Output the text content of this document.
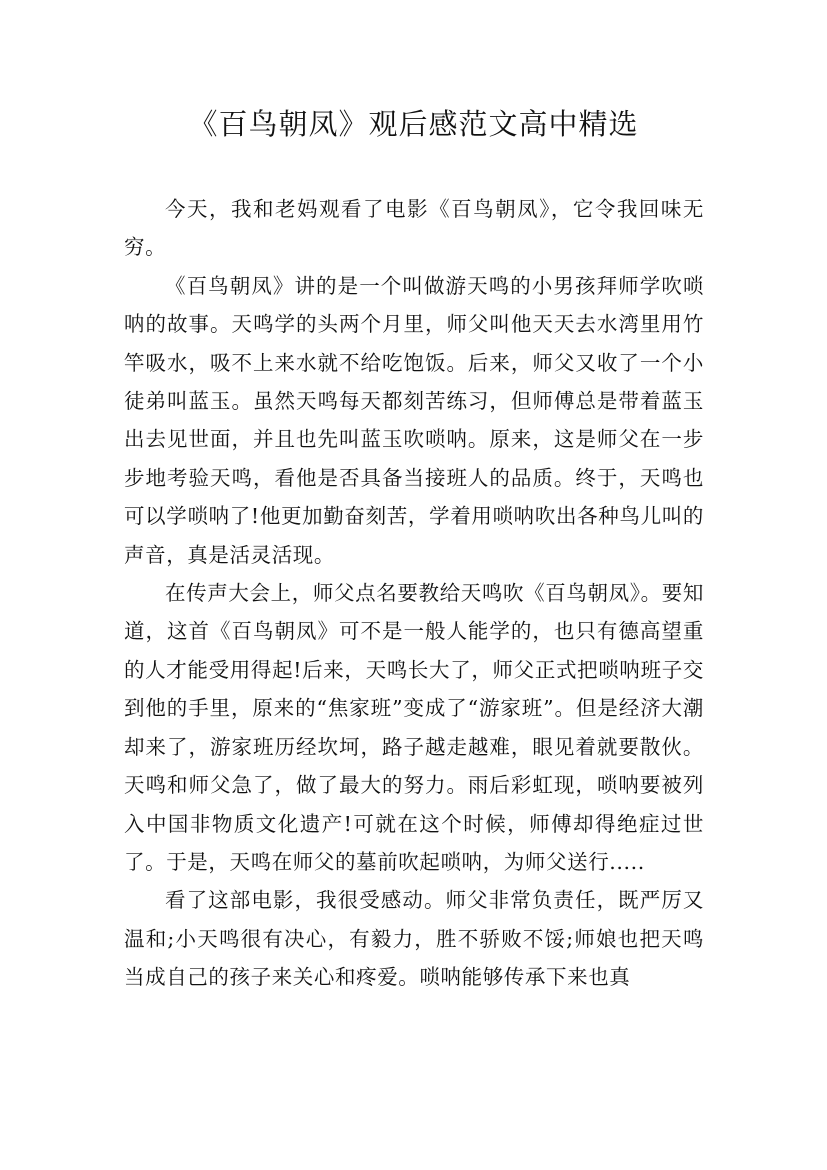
《百鸟朝凤》观后感范文高中精选

今天，我和老妈观看了电影《百鸟朝凤》，它令我回味无穷。

《百鸟朝凤》讲的是一个叫做游天鸣的小男孩拜师学吹唢呐的故事。天鸣学的头两个月里，师父叫他天天去水湾里用竹竿吸水，吸不上来水就不给吃饱饭。后来，师父又收了一个小徒弟叫蓝玉。虽然天鸣每天都刻苦练习，但师傅总是带着蓝玉出去见世面，并且也先叫蓝玉吹唢呐。原来，这是师父在一步步地考验天鸣，看他是否具备当接班人的品质。终于，天鸣也可以学唢呐了!他更加勤奋刻苦，学着用唢呐吹出各种鸟儿叫的声音，真是活灵活现。

在传声大会上，师父点名要教给天鸣吹《百鸟朝凤》。要知道，这首《百鸟朝凤》可不是一般人能学的，也只有德高望重的人才能受用得起!后来，天鸣长大了，师父正式把唢呐班子交到他的手里，原来的“焦家班”变成了“游家班”。但是经济大潮却来了，游家班历经坎坷，路子越走越难，眼见着就要散伙。天鸣和师父急了，做了最大的努力。雨后彩虹现，唢呐要被列入中国非物质文化遗产!可就在这个时候，师傅却得绝症过世了。于是，天鸣在师父的墓前吹起唢呐，为师父送行.....

看了这部电影，我很受感动。师父非常负责任，既严厉又温和;小天鸣很有决心，有毅力，胜不骄败不馁;师娘也把天鸣当成自己的孩子来关心和疼爱。唢呐能够传承下来也真
